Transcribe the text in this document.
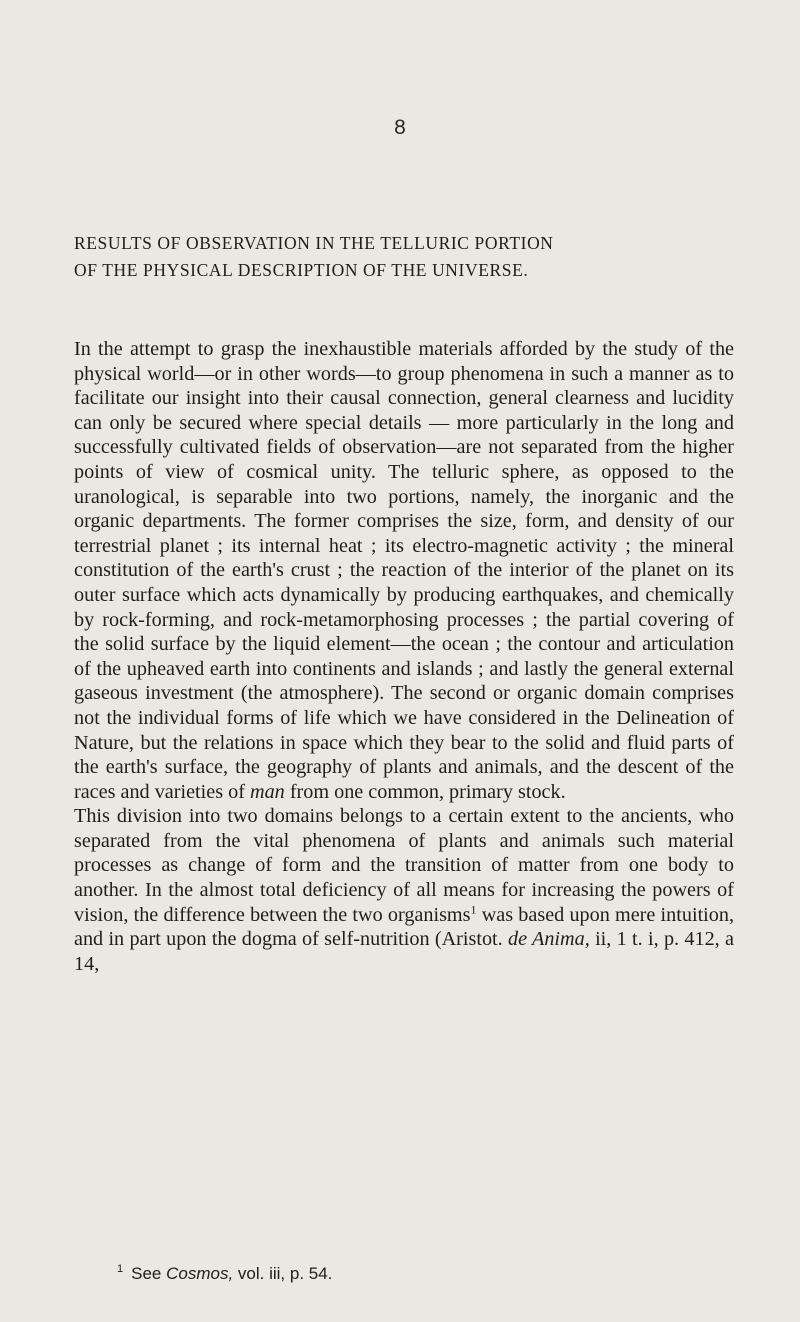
8
RESULTS OF OBSERVATION IN THE TELLURIC PORTION
OF THE PHYSICAL DESCRIPTION OF THE UNIVERSE.

In the attempt to grasp the inexhaustible materials afforded by the study of the physical world—or in other words—to group phenomena in such a manner as to facilitate our insight into their causal connection, general clearness and lucidity can only be secured where special details — more particularly in the long and successfully cultivated fields of observation—are not separated from the higher points of view of cosmical unity. The telluric sphere, as opposed to the uranological, is separable into two portions, namely, the inorganic and the organic departments. The former comprises the size, form, and density of our terrestrial planet ; its internal heat ; its electro-magnetic activity ; the mineral constitution of the earth's crust ; the reaction of the interior of the planet on its outer surface which acts dynamically by producing earthquakes, and chemically by rock-forming, and rock-metamorphosing processes ; the partial covering of the solid surface by the liquid element—the ocean ; the contour and articulation of the upheaved earth into continents and islands ; and lastly the general external gaseous investment (the atmosphere). The second or organic domain comprises not the individual forms of life which we have considered in the Delineation of Nature, but the relations in space which they bear to the solid and fluid parts of the earth's surface, the geography of plants and animals, and the descent of the races and varieties of man from one common, primary stock.

This division into two domains belongs to a certain extent to the ancients, who separated from the vital phenomena of plants and animals such material processes as change of form and the transition of matter from one body to another. In the almost total deficiency of all means for increasing the powers of vision, the difference between the two organisms$^1$ was based upon mere intuition, and in part upon the dogma of self-nutrition (Aristot. de Anima, ii, 1 t. i, p. 412, a 14,

$^1$ See Cosmos, vol. iii, p. 54.
